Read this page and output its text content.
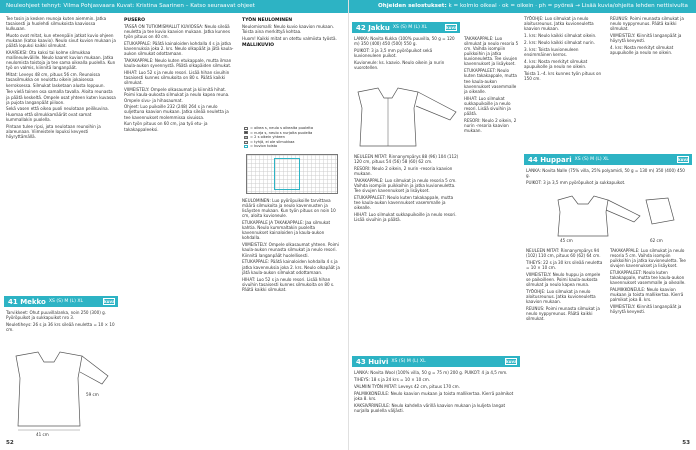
Neuleohjeet tehnyt: Vilma Pohjasvaara Kuvat: Kristina Saarinen – Katso seuraavat ohjeet	Ohjeiden selostukset: k = kolmio oikeal · ok = oikein · ph = pyöreä → Lisää kuvia/ohjeita lehden nettisivulta

Tee tosin ja kesken reunoja kuten aiemmin. Jatka tasaisesti ja huolehdi silmukoista kaaviossa kulkuaan.

Muoto ovat mitat, kun eteenpäin jatkat kuvio ohjeen mukaan (katso kaavio). Neulo sivut kuvion mukaan ja päätä lopuksi kaikki silmukat.

KAAREKSI: Ota kaksi tai kolme silmukkaa mallineulevälille. Neulo kaaret kuvion mukaan. Jatka neulomista toistoja ja tee sama oikealla puolella. Kun työ on valmis, kiinnitä langanpäät.

Mitat: Leveys 48 cm, pituus 56 cm. Reunoissa tasasilmukka on neulottu oikein jokaisessa kerroksessa. Silmukat lasketaan alusta loppuun.

Tee vielä toinen osa samalla tavalla. Aloita reunasta ja päätä keskeltä. Ompele osat yhteen kuten kuvassa ja pujota langanpäät piiloon.

Sekä vasen että oikea puoli neulotaan peilikuvina. Huomaa että silmukkamäärät ovat samat kummallakin puolella.

Pintaan tulee ripsi, jota neulotaan reunoihin ja alareunaan. Viimeistele lopuksi kevyesti höyryttämällä.

41
Mekko XS (S) M (L) XL	kuva

Tarvikkeet: Ohut puuvillalanka, noin 250 (300) g. Pyöröpuikot ja sukkapuikot nro 3.

Neuletiheys: 26 s ja 36 krs sileää neuletta = 10 × 10 cm.

41 cm

59 cm

PUSERO

TÄSSÄ ON TUTKIMISMALLIT KUVIOSSA: Neulo sileää neuletta ja tee kuvio kaavion mukaan. Jatka kunnes työn pituus on 40 cm.

ETUKAPPALE: Päätä kainaloiden kohdalla 4 s ja jatka kavennuksia joka 2. krs. Neulo olkapäät ja jätä kaula-aukon silmukat odottamaan.

TAKAKAPPALE: Neulo kuten etukappale, mutta ilman kaula-aukon syvennystä. Päätä olkapäiden silmukat.

HIHAT: Luo 52 s ja neulo resori. Lisää hihan sivuihin tasaisesti kunnes silmukoita on 80 s. Päätä kaikki silmukat.

VIIMEISTELY: Ompele olkasaumat ja kiinnitä hihat. Poimi kaula-aukosta silmukat ja neulo kapea reuna. Ompele sivu- ja hihasaumat.

Ohjeet: Luo puikoille 232 (248) 264 s ja neulo suljettuna kaavion mukaan. Jatka sileää neuletta ja tee kavennukset molemmissa sivuissa.

Kun työn pituus on 60 cm, jaa työ etu- ja takakappaleeksi.

TYÖN NEULOMINEN

Neulomismalli: Neulo kuvio kaavion mukaan. Toista aina merkittyä kohtaa.

Huom! Kaikki mitat on otettu valmiista työstä.

MALLIKUVIO
= oikea s, neulo s oikealta puolelta
= nurja s, neulo s nurjalta puolelta
= 2 s oikein yhteen
= tyhjä, ei ole silmukkaa
= kuvion toisto

NEULOMINEN: Luo pyöröpuikoille tarvittava määrä silmukoita ja neulo kavennusten ja lisäysten mukaan. Kun työn pituus on noin 10 cm, aloita kuvioneule.

ETUKAPPALE JA TAKAKAPPALE: Jaa silmukat kahtia. Neulo kummaltakin puolelta kavennukset kainaloiden ja kaula-aukon kohdalla.

VIIMEISTELY: Ompele olkasaumat yhteen. Poimi kaula-aukon reunasta silmukat ja neulo resori. Kiinnitä langanpäät huolellisesti.

ETUKAPPALE: Päätä kainaloiden kohdalla 4 s ja jatka kavennuksia joka 2. krs. Neulo olkapäät ja jätä kaula-aukon silmukat odottamaan.

HIHAT: Luo 52 s ja neulo resori. Lisää hihan sivuihin tasaisesti kunnes silmukoita on 80 s. Päätä kaikki silmukat.

52
42
Jakku XS (S) M (L) XL	kuva

LANKA: Novita Kukka (100% puuvilla, 50 g = 120 m) 350 (400) 450 (500) 550 g.

PUIKOT: 3 ja 3,5 mm pyöröpuikot sekä kuvioneuleen puikot.

Kuvioneule: ks. kaavio. Neulo oikein ja nurin vuorotellen.

NEULEEN MITAT: Rinnanympärys 88 (96) 104 (112) 120 cm, pituus 54 (56) 58 (60) 62 cm.

RESORI: Neulo 2 oikein, 2 nurin -resoria kaavion mukaan.

TAKAKAPPALE: Luo silmukat ja neulo resoria 5 cm. Vaihda isompiin puikkoihin ja jatka kuvioneuletta. Tee sivujen kavennukset ja lisäykset.

ETUKAPPALEET: Neulo kuten takakappale, mutta tee kaula-aukon kavennukset vasemmalle ja oikealle.

HIHAT: Luo silmukat sukkapuikoille ja neulo resori. Lisää sivuihin ja päätä.

TAKAKAPPALE: Luo silmukat ja neulo resoria 5 cm. Vaihda isompiin puikkoihin ja jatka kuvioneuletta. Tee sivujen kavennukset ja lisäykset.

ETUKAPPALEET: Neulo kuten takakappale, mutta tee kaula-aukon kavennukset vasemmalle ja oikealle.

HIHAT: Luo silmukat sukkapuikoille ja neulo resori. Lisää sivuihin ja päätä.

RESORI: Neulo 2 oikein, 2 nurin -resoria kaavion mukaan.

43
Huivi XS (S) M (L) XL	kuva

LANKA: Novita Wool (100% villa, 50 g = 75 m) 200 g. PUIKOT: 4 ja 4,5 mm.

TIHEYS: 18 s ja 24 krs = 10 × 10 cm.

VALMIIN TYÖN MITAT: Leveys 42 cm, pituus 170 cm.

PALMIKKONEULE: Neulo kaavion mukaan ja toista mallikertaa. Kierrä palmikot joka 8. krs.

KAKSIVÄRINEULE: Neulo kahdella värillä kaavion mukaan ja kuljeta langat nurjalla puolella väljästi.

TYÖOHJE: Luo silmukat ja neulo aloitusreunus. Jatka kuvioneuletta kaavion mukaan.

1. krs: Neulo kaikki silmukat oikein.

2. krs: Neulo kaikki silmukat nurin.

3. krs: Toista kuvioneuleen ensimmäinen kerros.

4. krs: Nosta merkityt silmukat apupuikolle ja neulo ne oikein.

Toista 1.–4. krs kunnes työn pituus on 150 cm.

REUNUS: Poimi reunasta silmukat ja neulo nyppyreunus. Päätä kaikki silmukat.

VIIMEISTELY: Kiinnitä langanpäät ja höyrytä kevyesti.

4. krs: Nosta merkityt silmukat apupuikolle ja neulo ne oikein.

44
Huppari XS (S) M (L) XL	kuva

LANKA: Novita Nalle (75% villa, 25% polyamidi, 50 g = 130 m) 350 (400) 450 g.

PUIKOT: 3 ja 3,5 mm pyöröpuikot ja sukkapuikot.

45 cm	62 cm

NEULEEN MITAT: Rinnanympärys 94 (102) 110 cm, pituus 60 (62) 64 cm.

TIHEYS: 22 s ja 30 krs sileää neuletta = 10 × 10 cm.

VIIMEISTELY: Neulo huppu ja ompele se paikoilleen. Poimi kaula-aukosta silmukat ja neulo kapea reuna.

TYÖOHJE: Luo silmukat ja neulo aloitusreunus. Jatka kuvioneuletta kaavion mukaan.

REUNUS: Poimi reunasta silmukat ja neulo nyppyreunus. Päätä kaikki silmukat.

TAKAKAPPALE: Luo silmukat ja neulo resoria 5 cm. Vaihda isompiin puikkoihin ja jatka kuvioneuletta. Tee sivujen kavennukset ja lisäykset.

ETUKAPPALEET: Neulo kuten takakappale, mutta tee kaula-aukon kavennukset vasemmalle ja oikealle.

PALMIKKONEULE: Neulo kaavion mukaan ja toista mallikertaa. Kierrä palmikot joka 8. krs.

VIIMEISTELY: Kiinnitä langanpäät ja höyrytä kevyesti.

53
